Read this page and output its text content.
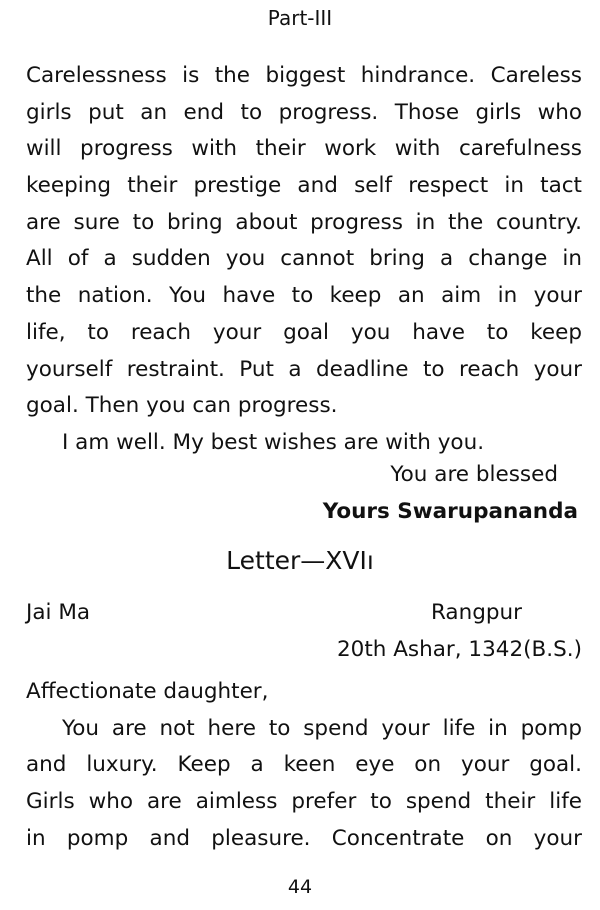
Part-III
Carelessness is the biggest hindrance. Careless
girls put an end to progress. Those girls who
will progress with their work with carefulness
keeping their prestige and self respect in tact
are sure to bring about progress in the country.
All of a sudden you cannot bring a change in
the nation. You have to keep an aim in your
life, to reach your goal you have to keep
yourself restraint. Put a deadline to reach your
goal. Then you can progress.
I am well. My best wishes are with you.
You are blessed
Yours Swarupananda
Letter—XVIı
Jai Ma	Rangpur
20th Ashar, 1342(B.S.)
Affectionate daughter,
You are not here to spend your life in pomp
and luxury. Keep a keen eye on your goal.
Girls who are aimless prefer to spend their life
in pomp and pleasure. Concentrate on your
44
